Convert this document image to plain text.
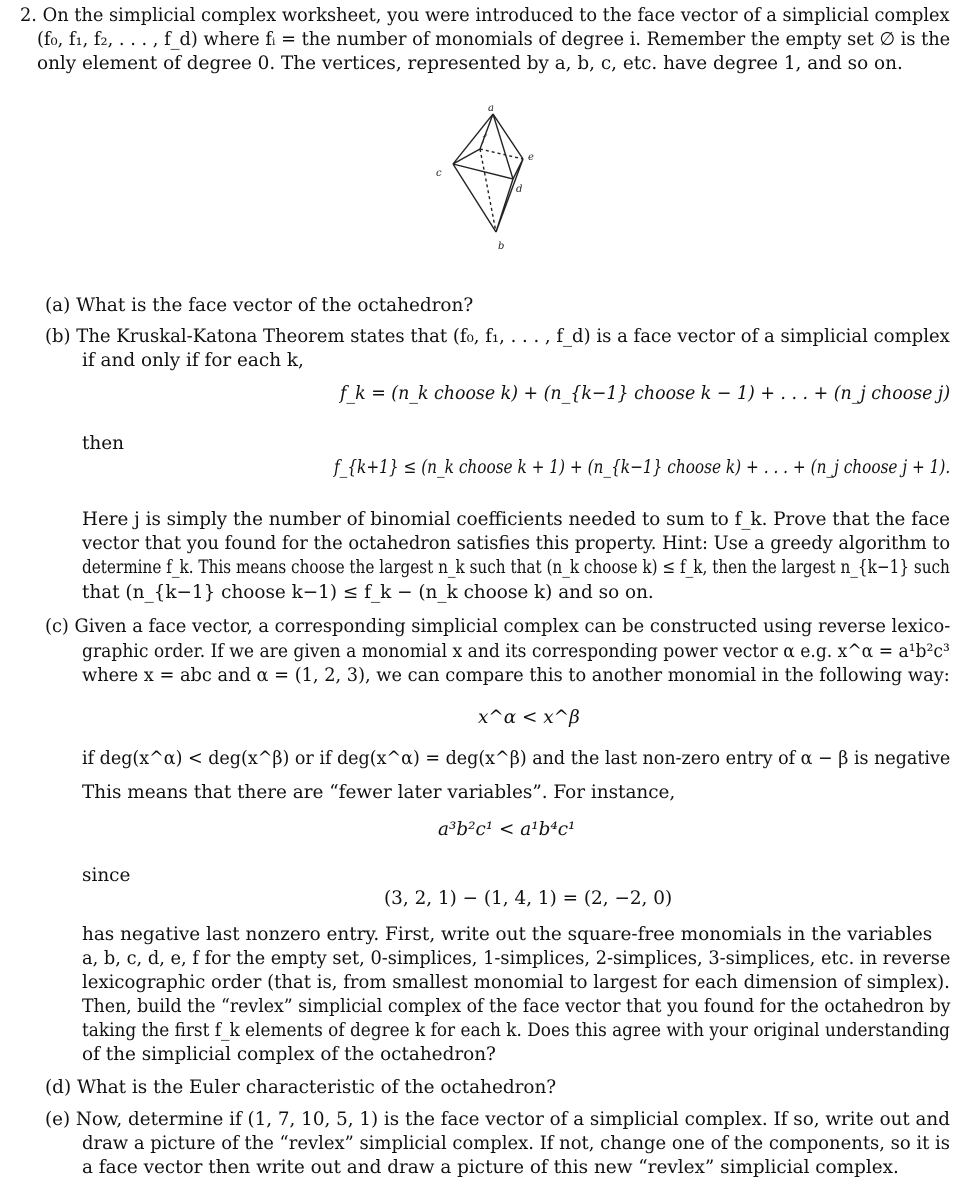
2. On the simplicial complex worksheet, you were introduced to the face vector of a simplicial complex
(f₀, f₁, f₂, . . . , f_d) where fᵢ = the number of monomials of degree i. Remember the empty set ∅ is the
only element of degree 0. The vertices, represented by a, b, c, etc. have degree 1, and so on.
a
c
e
f
d
b
(a) What is the face vector of the octahedron?
(b) The Kruskal-Katona Theorem states that (f₀, f₁, . . . , f_d) is a face vector of a simplicial complex
if and only if for each k,
f_k = (n_k choose k) + (n_{k−1} choose k − 1) + . . . + (n_j choose j)
then
f_{k+1} ≤ (n_k choose k + 1) + (n_{k−1} choose k) + . . . + (n_j choose j + 1).
Here j is simply the number of binomial coefficients needed to sum to f_k. Prove that the face
vector that you found for the octahedron satisfies this property. Hint: Use a greedy algorithm to
determine f_k. This means choose the largest n_k such that (n_k choose k) ≤ f_k, then the largest n_{k−1} such
that (n_{k−1} choose k−1) ≤ f_k − (n_k choose k) and so on.
(c) Given a face vector, a corresponding simplicial complex can be constructed using reverse lexico-
graphic order. If we are given a monomial x and its corresponding power vector α e.g. x^α = a¹b²c³
where x = abc and α = (1, 2, 3), we can compare this to another monomial in the following way:
x^α < x^β
if deg(x^α) < deg(x^β) or if deg(x^α) = deg(x^β) and the last non-zero entry of α − β is negative
This means that there are “fewer later variables”. For instance,
a³b²c¹ < a¹b⁴c¹
since
(3, 2, 1) − (1, 4, 1) = (2, −2, 0)
has negative last nonzero entry. First, write out the square-free monomials in the variables
a, b, c, d, e, f for the empty set, 0-simplices, 1-simplices, 2-simplices, 3-simplices, etc. in reverse
lexicographic order (that is, from smallest monomial to largest for each dimension of simplex).
Then, build the “revlex” simplicial complex of the face vector that you found for the octahedron by
taking the first f_k elements of degree k for each k. Does this agree with your original understanding
of the simplicial complex of the octahedron?
(d) What is the Euler characteristic of the octahedron?
(e) Now, determine if (1, 7, 10, 5, 1) is the face vector of a simplicial complex. If so, write out and
draw a picture of the “revlex” simplicial complex. If not, change one of the components, so it is
a face vector then write out and draw a picture of this new “revlex” simplicial complex.
